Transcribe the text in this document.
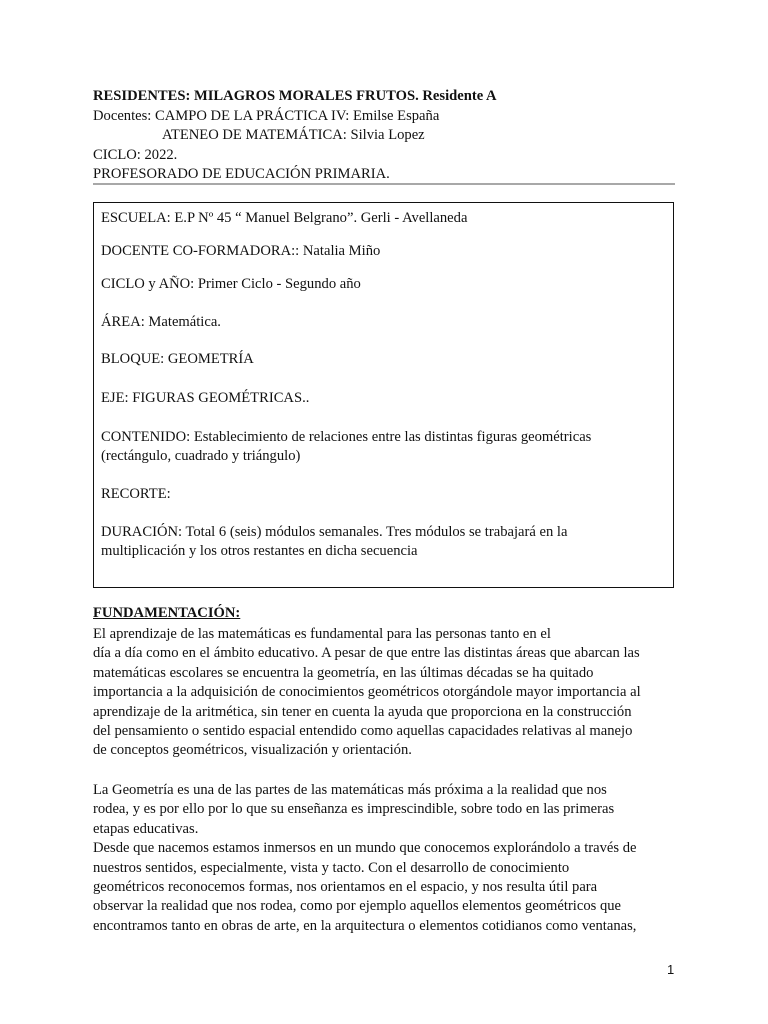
RESIDENTES: MILAGROS MORALES FRUTOS. Residente A
Docentes: CAMPO DE LA PRÁCTICA IV: Emilse España
ATENEO DE MATEMÁTICA: Silvia Lopez
CICLO: 2022.
PROFESORADO DE EDUCACIÓN PRIMARIA.
ESCUELA: E.P Nº 45 “ Manuel Belgrano”. Gerli - Avellaneda
DOCENTE CO-FORMADORA:: Natalia Miño
CICLO y AÑO: Primer Ciclo - Segundo año
ÁREA: Matemática.
BLOQUE: GEOMETRÍA
EJE: FIGURAS GEOMÉTRICAS..
CONTENIDO: Establecimiento de relaciones entre las distintas figuras geométricas
(rectángulo, cuadrado y triángulo)
RECORTE:
DURACIÓN: Total 6 (seis) módulos semanales. Tres módulos se trabajará en la
multiplicación y los otros restantes en dicha secuencia
FUNDAMENTACIÓN:
El aprendizaje de las matemáticas es fundamental para las personas tanto en el
día a día como en el ámbito educativo. A pesar de que entre las distintas áreas que abarcan las
matemáticas escolares se encuentra la geometría, en las últimas décadas se ha quitado
importancia a la adquisición de conocimientos geométricos otorgándole mayor importancia al
aprendizaje de la aritmética, sin tener en cuenta la ayuda que proporciona en la construcción
del pensamiento o sentido espacial entendido como aquellas capacidades relativas al manejo
de conceptos geométricos, visualización y orientación.
La Geometría es una de las partes de las matemáticas más próxima a la realidad que nos
rodea, y es por ello por lo que su enseñanza es imprescindible, sobre todo en las primeras
etapas educativas.
Desde que nacemos estamos inmersos en un mundo que conocemos explorándolo a través de
nuestros sentidos, especialmente, vista y tacto. Con el desarrollo de conocimiento
geométricos reconocemos formas, nos orientamos en el espacio, y nos resulta útil para
observar la realidad que nos rodea, como por ejemplo aquellos elementos geométricos que
encontramos tanto en obras de arte, en la arquitectura o elementos cotidianos como ventanas,
1
